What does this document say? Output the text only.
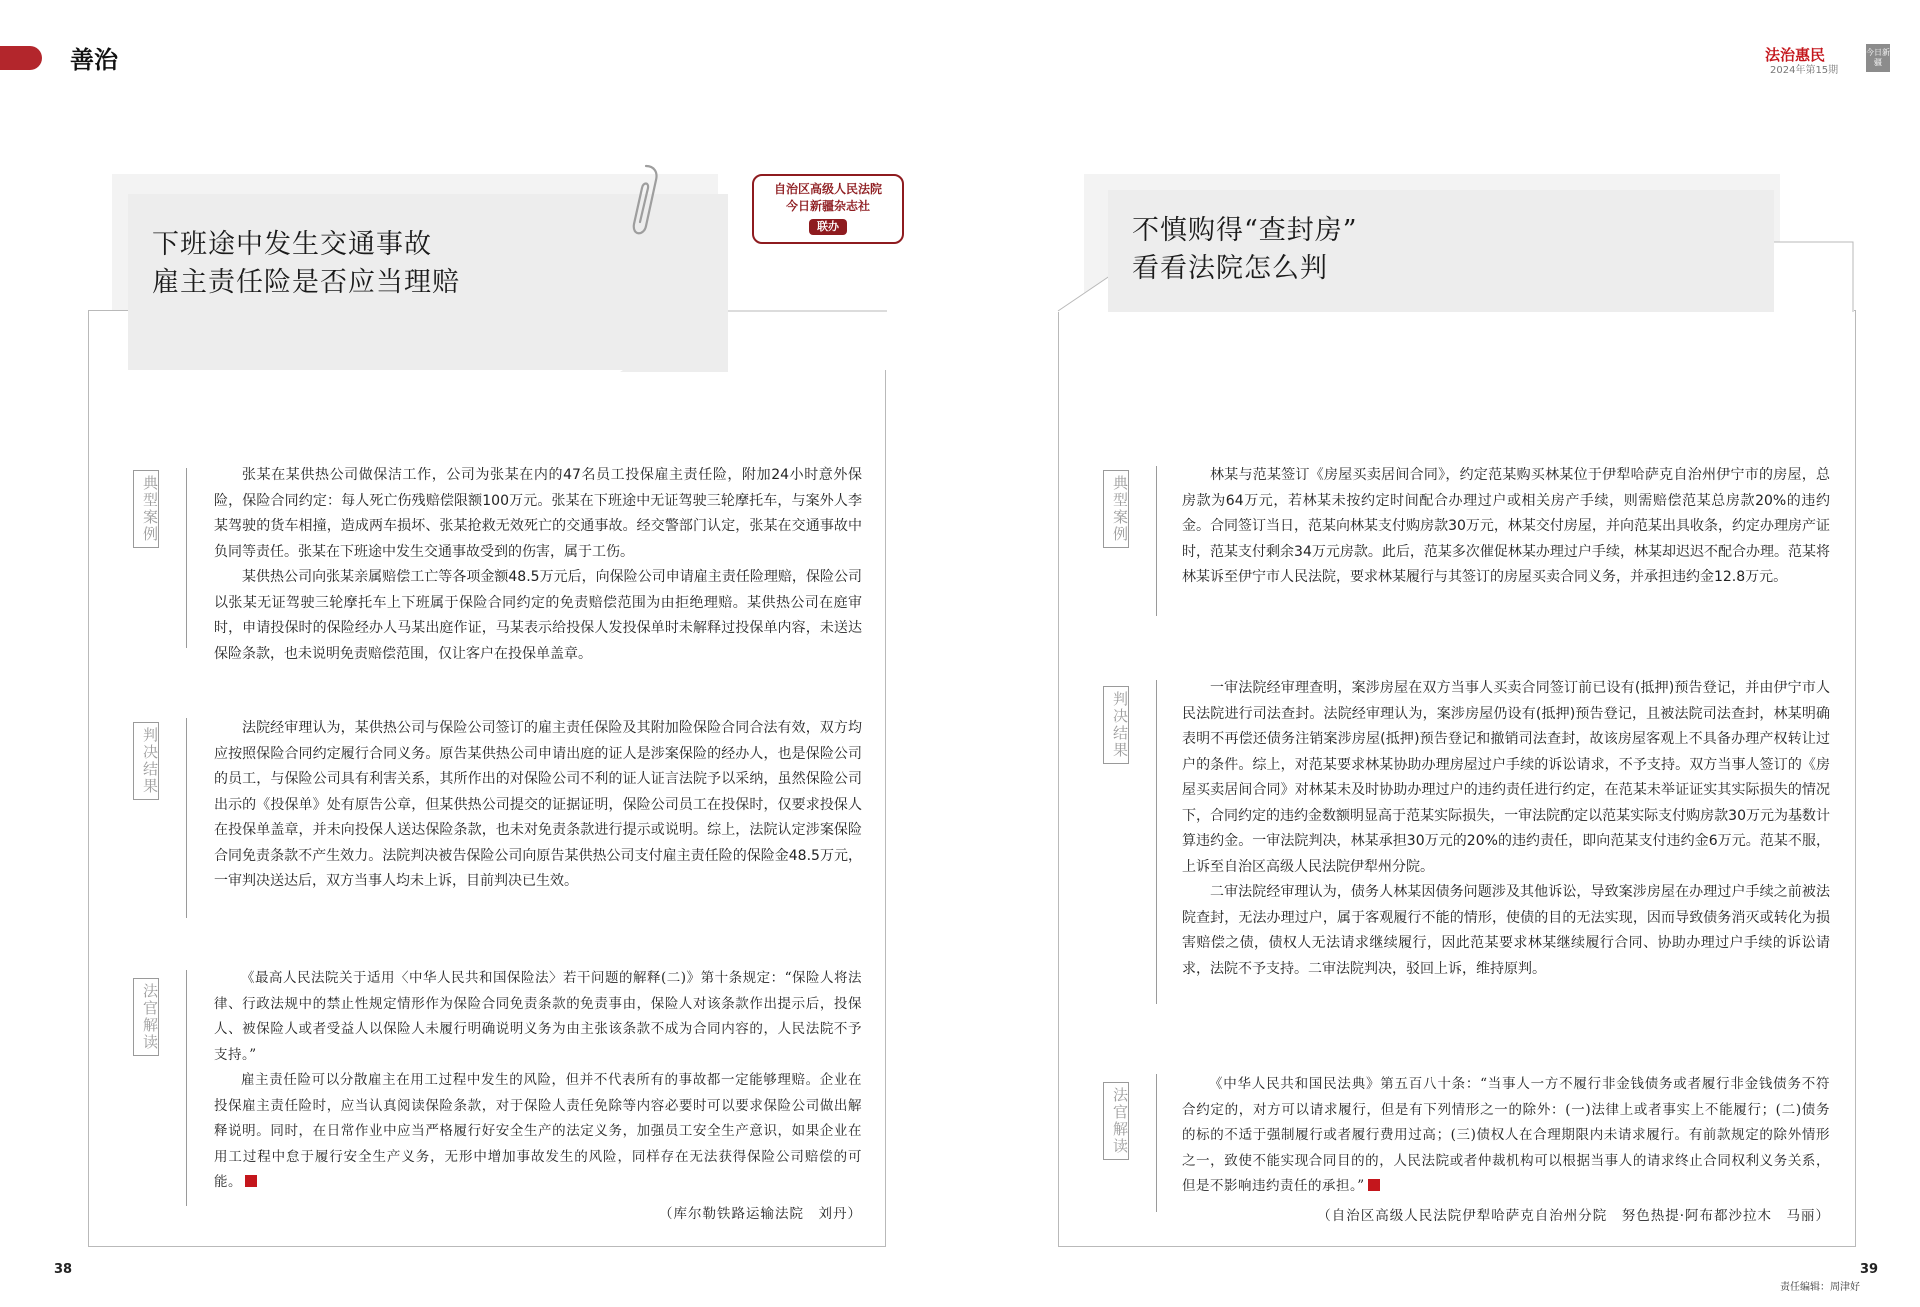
善治	法治惠民
2024年第15期
今日新疆
下班途中发生交通事故
雇主责任险是否应当理赔
自治区高级人民法院
今日新疆杂志社
联办
典型案例	张某在某供热公司做保洁工作，公司为张某在内的47名员工投保雇主责任险，附加24小时意外保险，保险合同约定：每人死亡伤残赔偿限额100万元。张某在下班途中无证驾驶三轮摩托车，与案外人李某驾驶的货车相撞，造成两车损坏、张某抢救无效死亡的交通事故。经交警部门认定，张某在交通事故中负同等责任。张某在下班途中发生交通事故受到的伤害，属于工伤。

某供热公司向张某亲属赔偿工亡等各项金额48.5万元后，向保险公司申请雇主责任险理赔，保险公司以张某无证驾驶三轮摩托车上下班属于保险合同约定的免责赔偿范围为由拒绝理赔。某供热公司在庭审时，申请投保时的保险经办人马某出庭作证，马某表示给投保人发投保单时未解释过投保单内容，未送达保险条款，也未说明免责赔偿范围，仅让客户在投保单盖章。

判决结果	法院经审理认为，某供热公司与保险公司签订的雇主责任保险及其附加险保险合同合法有效，双方均应按照保险合同约定履行合同义务。原告某供热公司申请出庭的证人是涉案保险的经办人，也是保险公司的员工，与保险公司具有利害关系，其所作出的对保险公司不利的证人证言法院予以采纳，虽然保险公司出示的《投保单》处有原告公章，但某供热公司提交的证据证明，保险公司员工在投保时，仅要求投保人在投保单盖章，并未向投保人送达保险条款，也未对免责条款进行提示或说明。综上，法院认定涉案保险合同免责条款不产生效力。法院判决被告保险公司向原告某供热公司支付雇主责任险的保险金48.5万元，一审判决送达后，双方当事人均未上诉，目前判决已生效。

法官解读

《最高人民法院关于适用〈中华人民共和国保险法〉若干问题的解释(二)》第十条规定：“保险人将法律、行政法规中的禁止性规定情形作为保险合同免责条款的免责事由，保险人对该条款作出提示后，投保人、被保险人或者受益人以保险人未履行明确说明义务为由主张该条款不成为合同内容的，人民法院不予支持。”

雇主责任险可以分散雇主在用工过程中发生的风险，但并不代表所有的事故都一定能够理赔。企业在投保雇主责任险时，应当认真阅读保险条款，对于保险人责任免除等内容必要时可以要求保险公司做出解释说明。同时，在日常作业中应当严格履行好安全生产的法定义务，加强员工安全生产意识，如果企业在用工过程中怠于履行安全生产义务，无形中增加事故发生的风险，同样存在无法获得保险公司赔偿的可能。

（库尔勒铁路运输法院　刘丹）
不慎购得“查封房”
看看法院怎么判
典型案例	林某与范某签订《房屋买卖居间合同》，约定范某购买林某位于伊犁哈萨克自治州伊宁市的房屋，总房款为64万元，若林某未按约定时间配合办理过户或相关房产手续，则需赔偿范某总房款20%的违约金。合同签订当日，范某向林某支付购房款30万元，林某交付房屋，并向范某出具收条，约定办理房产证时，范某支付剩余34万元房款。此后，范某多次催促林某办理过户手续，林某却迟迟不配合办理。范某将林某诉至伊宁市人民法院，要求林某履行与其签订的房屋买卖合同义务，并承担违约金12.8万元。

判决结果

一审法院经审理查明，案涉房屋在双方当事人买卖合同签订前已设有(抵押)预告登记，并由伊宁市人民法院进行司法查封。法院经审理认为，案涉房屋仍设有(抵押)预告登记，且被法院司法查封，林某明确表明不再偿还债务注销案涉房屋(抵押)预告登记和撤销司法查封，故该房屋客观上不具备办理产权转让过户的条件。综上，对范某要求林某协助办理房屋过户手续的诉讼请求，不予支持。双方当事人签订的《房屋买卖居间合同》对林某未及时协助办理过户的违约责任进行约定，在范某未举证证实其实际损失的情况下，合同约定的违约金数额明显高于范某实际损失，一审法院酌定以范某实际支付购房款30万元为基数计算违约金。一审法院判决，林某承担30万元的20%的违约责任，即向范某支付违约金6万元。范某不服，上诉至自治区高级人民法院伊犁州分院。

二审法院经审理认为，债务人林某因债务问题涉及其他诉讼，导致案涉房屋在办理过户手续之前被法院查封，无法办理过户，属于客观履行不能的情形，使债的目的无法实现，因而导致债务消灭或转化为损害赔偿之债，债权人无法请求继续履行，因此范某要求林某继续履行合同、协助办理过户手续的诉讼请求，法院不予支持。二审法院判决，驳回上诉，维持原判。

法官解读

《中华人民共和国民法典》第五百八十条：“当事人一方不履行非金钱债务或者履行非金钱债务不符合约定的，对方可以请求履行，但是有下列情形之一的除外：(一)法律上或者事实上不能履行；(二)债务的标的不适于强制履行或者履行费用过高；(三)债权人在合理期限内未请求履行。有前款规定的除外情形之一，致使不能实现合同目的的，人民法院或者仲裁机构可以根据当事人的请求终止合同权利义务关系，但是不影响违约责任的承担。”

（自治区高级人民法院伊犁哈萨克自治州分院　努色热提·阿布都沙拉木　马丽）
38	39
责任编辑：周津好
